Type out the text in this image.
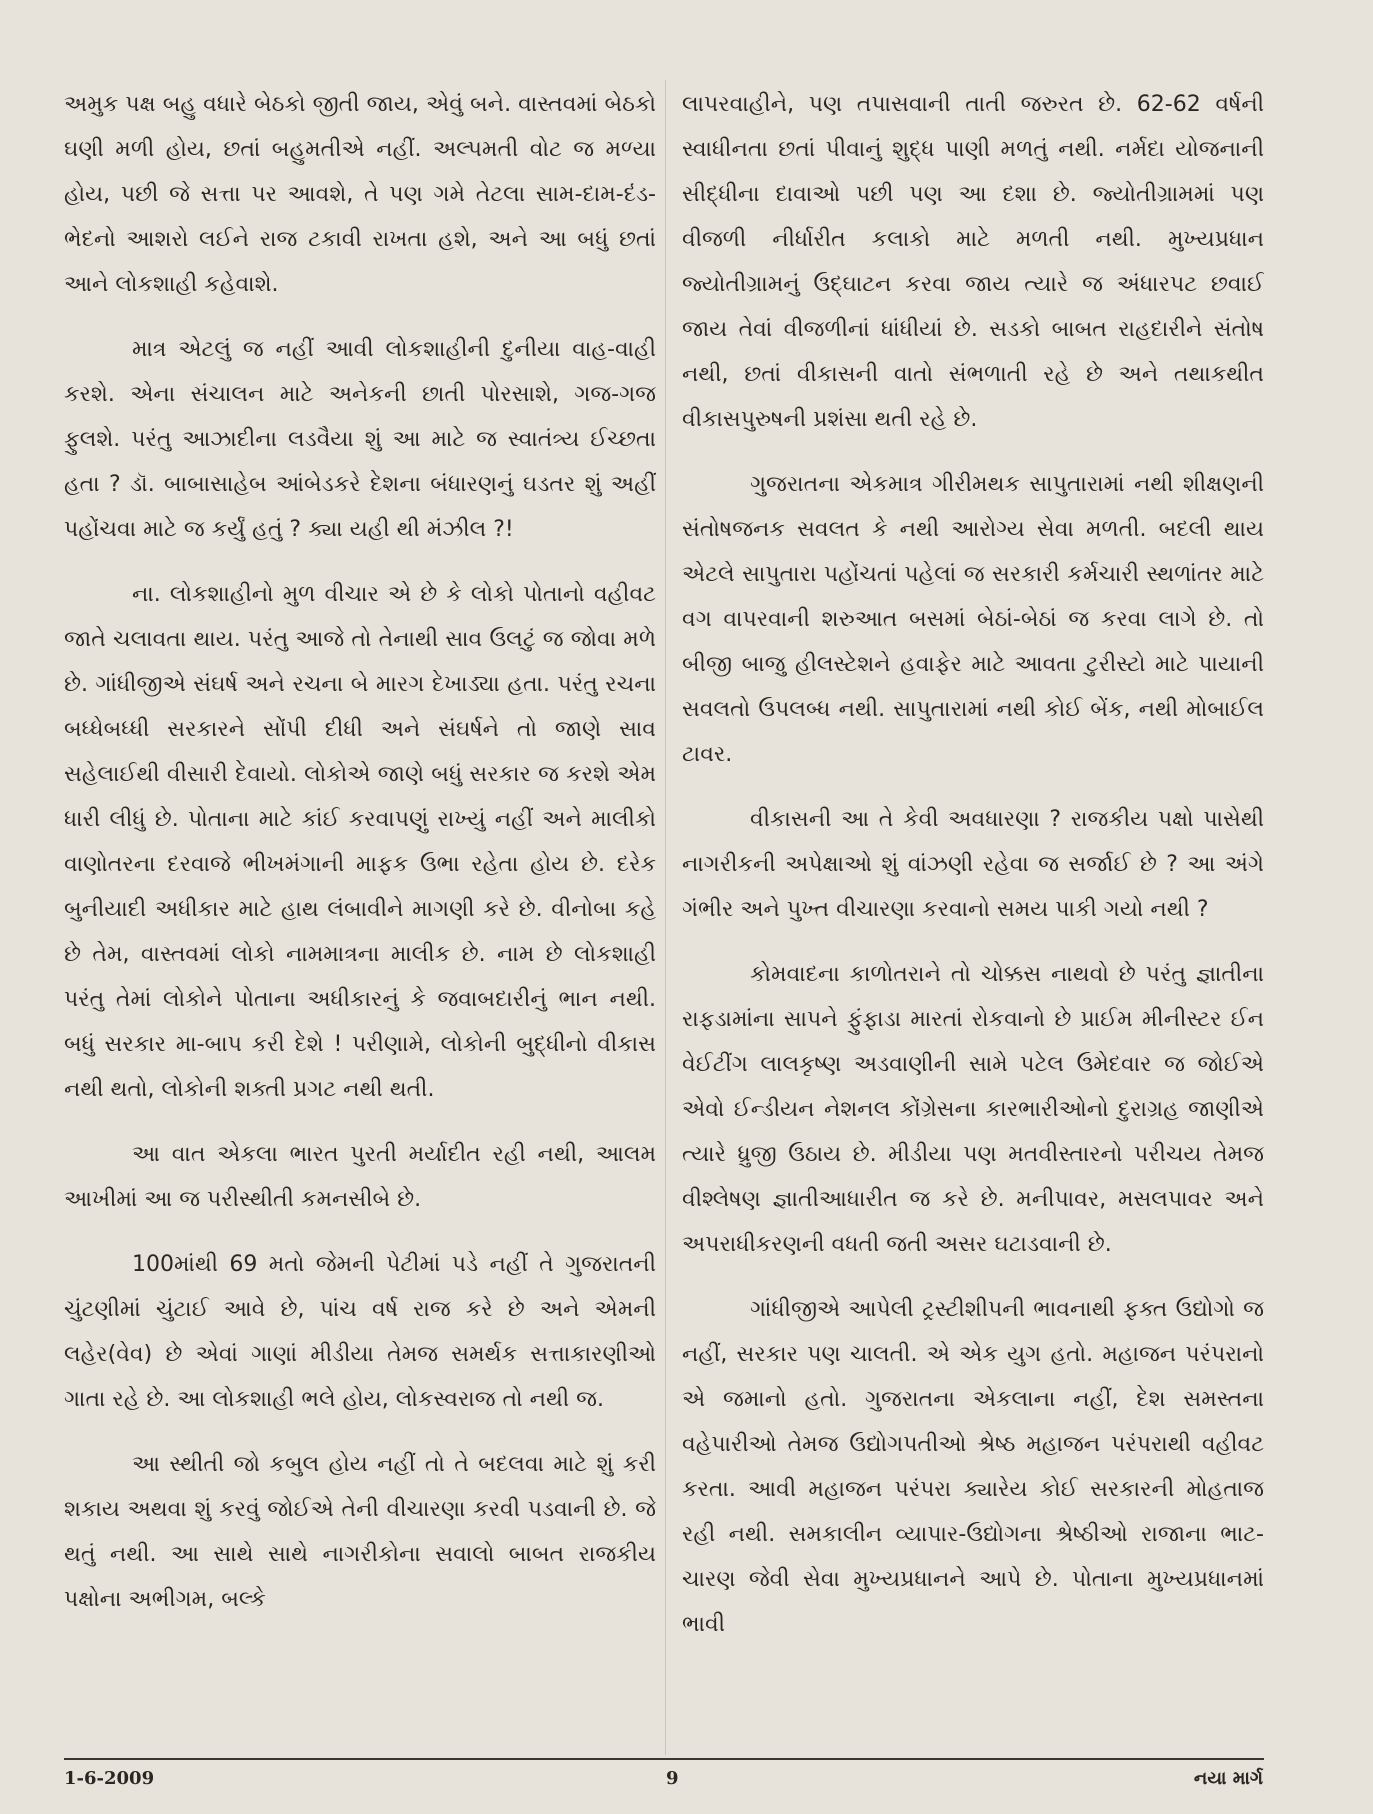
અમુક પક્ષ બહુ વધારે બેઠકો જીતી જાય, એવું બને. વાસ્તવમાં બેઠકો ઘણી મળી હોય, છતાં બહુમતીએ નહીં. અલ્પમતી વોટ જ મળ્યા હોય, પછી જે સત્તા પર આવશે, તે પણ ગમે તેટલા સામ-દામ-દંડ-ભેદનો આશરો લઈને રાજ ટકાવી રાખતા હશે, અને આ બધું છતાં આને લોકશાહી કહેવાશે.

માત્ર એટલું જ નહીં આવી લોકશાહીની દુનીયા વાહ-વાહી કરશે. એના સંચાલન માટે અનેકની છાતી પોરસાશે, ગજ-ગજ ફુલશે. પરંતુ આઝાદીના લડવૈયા શું આ માટે જ સ્વાતંત્ર્ય ઈચ્છતા હતા ? ડૉ. બાબાસાહેબ આંબેડકરે દેશના બંધારણનું ઘડતર શું અહીં પહોંચવા માટે જ કર્યું હતું ? ક્યા યહી થી મંઝીલ ?!

ના. લોકશાહીનો મુળ વીચાર એ છે કે લોકો પોતાનો વહીવટ જાતે ચલાવતા થાય. પરંતુ આજે તો તેનાથી સાવ ઉલટું જ જોવા મળે છે. ગાંધીજીએ સંઘર્ષ અને રચના બે મારગ દેખાડ્યા હતા. પરંતુ રચના બધ્ધેબધ્ધી સરકારને સોંપી દીધી અને સંઘર્ષને તો જાણે સાવ સહેલાઈથી વીસારી દેવાયો. લોકોએ જાણે બધું સરકાર જ કરશે એમ ધારી લીધું છે. પોતાના માટે કાંઈ કરવાપણું રાખ્યું નહીં અને માલીકો વાણોતરના દરવાજે ભીખમંગાની માફક ઉભા રહેતા હોય છે. દરેક બુનીયાદી અધીકાર માટે હાથ લંબાવીને માગણી કરે છે. વીનોબા કહે છે તેમ, વાસ્તવમાં લોકો નામમાત્રના માલીક છે. નામ છે લોકશાહી પરંતુ તેમાં લોકોને પોતાના અધીકારનું કે જવાબદારીનું ભાન નથી. બધું સરકાર મા-બાપ કરી દેશે ! પરીણામે, લોકોની બુદ્ધીનો વીકાસ નથી થતો, લોકોની શક્તી પ્રગટ નથી થતી.

આ વાત એકલા ભારત પુરતી મર્યાદીત રહી નથી, આલમ આખીમાં આ જ પરીસ્થીતી કમનસીબે છે.

100માંથી 69 મતો જેમની પેટીમાં પડે નહીં તે ગુજરાતની ચુંટણીમાં ચુંટાઈ આવે છે, પાંચ વર્ષ રાજ કરે છે અને એમની લહેર(વેવ) છે એવાં ગાણાં મીડીયા તેમજ સમર્થક સત્તાકારણીઓ ગાતા રહે છે. આ લોકશાહી ભલે હોય, લોકસ્વરાજ તો નથી જ.

આ સ્થીતી જો કબુલ હોય નહીં તો તે બદલવા માટે શું કરી શકાય અથવા શું કરવું જોઈએ તેની વીચારણા કરવી પડવાની છે. જે થતું નથી. આ સાથે સાથે નાગરીકોના સવાલો બાબત રાજકીય પક્ષોના અભીગમ, બલ્કે

લાપરવાહીને, પણ તપાસવાની તાતી જરુરત છે. 62-62 વર્ષની સ્વાધીનતા છતાં પીવાનું શુદ્ધ પાણી મળતું નથી. નર્મદા યોજનાની સીદ્ધીના દાવાઓ પછી પણ આ દશા છે. જ્યોતીગ્રામમાં પણ વીજળી નીર્ધારીત કલાકો માટે મળતી નથી. મુખ્યપ્રધાન જ્યોતીગ્રામનું ઉદ્ઘાટન કરવા જાય ત્યારે જ અંધારપટ છવાઈ જાય તેવાં વીજળીનાં ધાંધીયાં છે. સડકો બાબત રાહદારીને સંતોષ નથી, છતાં વીકાસની વાતો સંભળાતી રહે છે અને તથાકથીત વીકાસપુરુષની પ્રશંસા થતી રહે છે.

ગુજરાતના એકમાત્ર ગીરીમથક સાપુતારામાં નથી શીક્ષણની સંતોષજનક સવલત કે નથી આરોગ્ય સેવા મળતી. બદલી થાય એટલે સાપુતારા પહોંચતાં પહેલાં જ સરકારી કર્મચારી સ્થળાંતર માટે વગ વાપરવાની શરુઆત બસમાં બેઠાં-બેઠાં જ કરવા લાગે છે. તો બીજી બાજુ હીલસ્ટેશને હવાફેર માટે આવતા ટુરીસ્ટો માટે પાયાની સવલતો ઉપલબ્ધ નથી. સાપુતારામાં નથી કોઈ બેંક, નથી મોબાઈલ ટાવર.

વીકાસની આ તે કેવી અવધારણા ? રાજકીય પક્ષો પાસેથી નાગરીકની અપેક્ષાઓ શું વાંઝણી રહેવા જ સર્જાઈ છે ? આ અંગે ગંભીર અને પુખ્ત વીચારણા કરવાનો સમય પાકી ગયો નથી ?

કોમવાદના કાળોતરાને તો ચોક્કસ નાથવો છે પરંતુ જ્ઞાતીના રાફડામાંના સાપને ફુંફાડા મારતાં રોકવાનો છે પ્રાઈમ મીનીસ્ટર ઈન વેઈટીંગ લાલકૃષ્ણ અડવાણીની સામે પટેલ ઉમેદવાર જ જોઈએ એવો ઈન્ડીયન નેશનલ કોંગ્રેસના કારભારીઓનો દુરાગ્રહ જાણીએ ત્યારે ધ્રુજી ઉઠાય છે. મીડીયા પણ મતવીસ્તારનો પરીચય તેમજ વીશ્લેષણ જ્ઞાતીઆધારીત જ કરે છે. મનીપાવર, મસલપાવર અને અપરાધીકરણની વધતી જતી અસર ઘટાડવાની છે.

ગાંધીજીએ આપેલી ટ્રસ્ટીશીપની ભાવનાથી ફક્ત ઉદ્યોગો જ નહીં, સરકાર પણ ચાલતી. એ એક યુગ હતો. મહાજન પરંપરાનો એ જમાનો હતો. ગુજરાતના એકલાના નહીં, દેશ સમસ્તના વહેપારીઓ તેમજ ઉદ્યોગપતીઓ શ્રેષ્ઠ મહાજન પરંપરાથી વહીવટ કરતા. આવી મહાજન પરંપરા ક્યારેય કોઈ સરકારની મોહતાજ રહી નથી. સમકાલીન વ્યાપાર-ઉદ્યોગના શ્રેષ્ઠીઓ રાજાના ભાટ-ચારણ જેવી સેવા મુખ્યપ્રધાનને આપે છે. પોતાના મુખ્યપ્રધાનમાં ભાવી

1-6-2009	9	નયા માર્ગ
